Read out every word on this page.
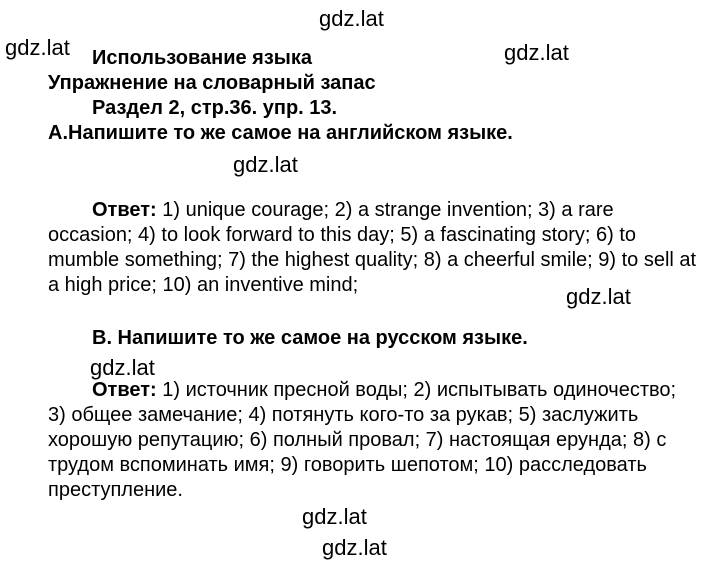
gdz.lat
gdz.lat	gdz.lat
gdz.lat
gdz.lat
gdz.lat
gdz.lat
gdz.lat
Использование языка
Упражнение на словарный запас
Раздел 2, стр.36. упр. 13.
A.Напишите то же самое на английском языке.

Ответ: 1) unique courage; 2) a strange invention; 3) a rare occasion; 4) to look forward to this day; 5) a fascinating story; 6) to mumble something; 7) the highest quality; 8) a cheerful smile; 9) to sell at a high price; 10) an inventive mind;

B. Напишите то же самое на русском языке.

Ответ: 1) источник пресной воды; 2) испытывать одиночество; 3) общее замечание; 4) потянуть кого-то за рукав; 5) заслужить хорошую репутацию; 6) полный провал; 7) настоящая ерунда; 8) с трудом вспоминать имя; 9) говорить шепотом; 10) расследовать преступление.
